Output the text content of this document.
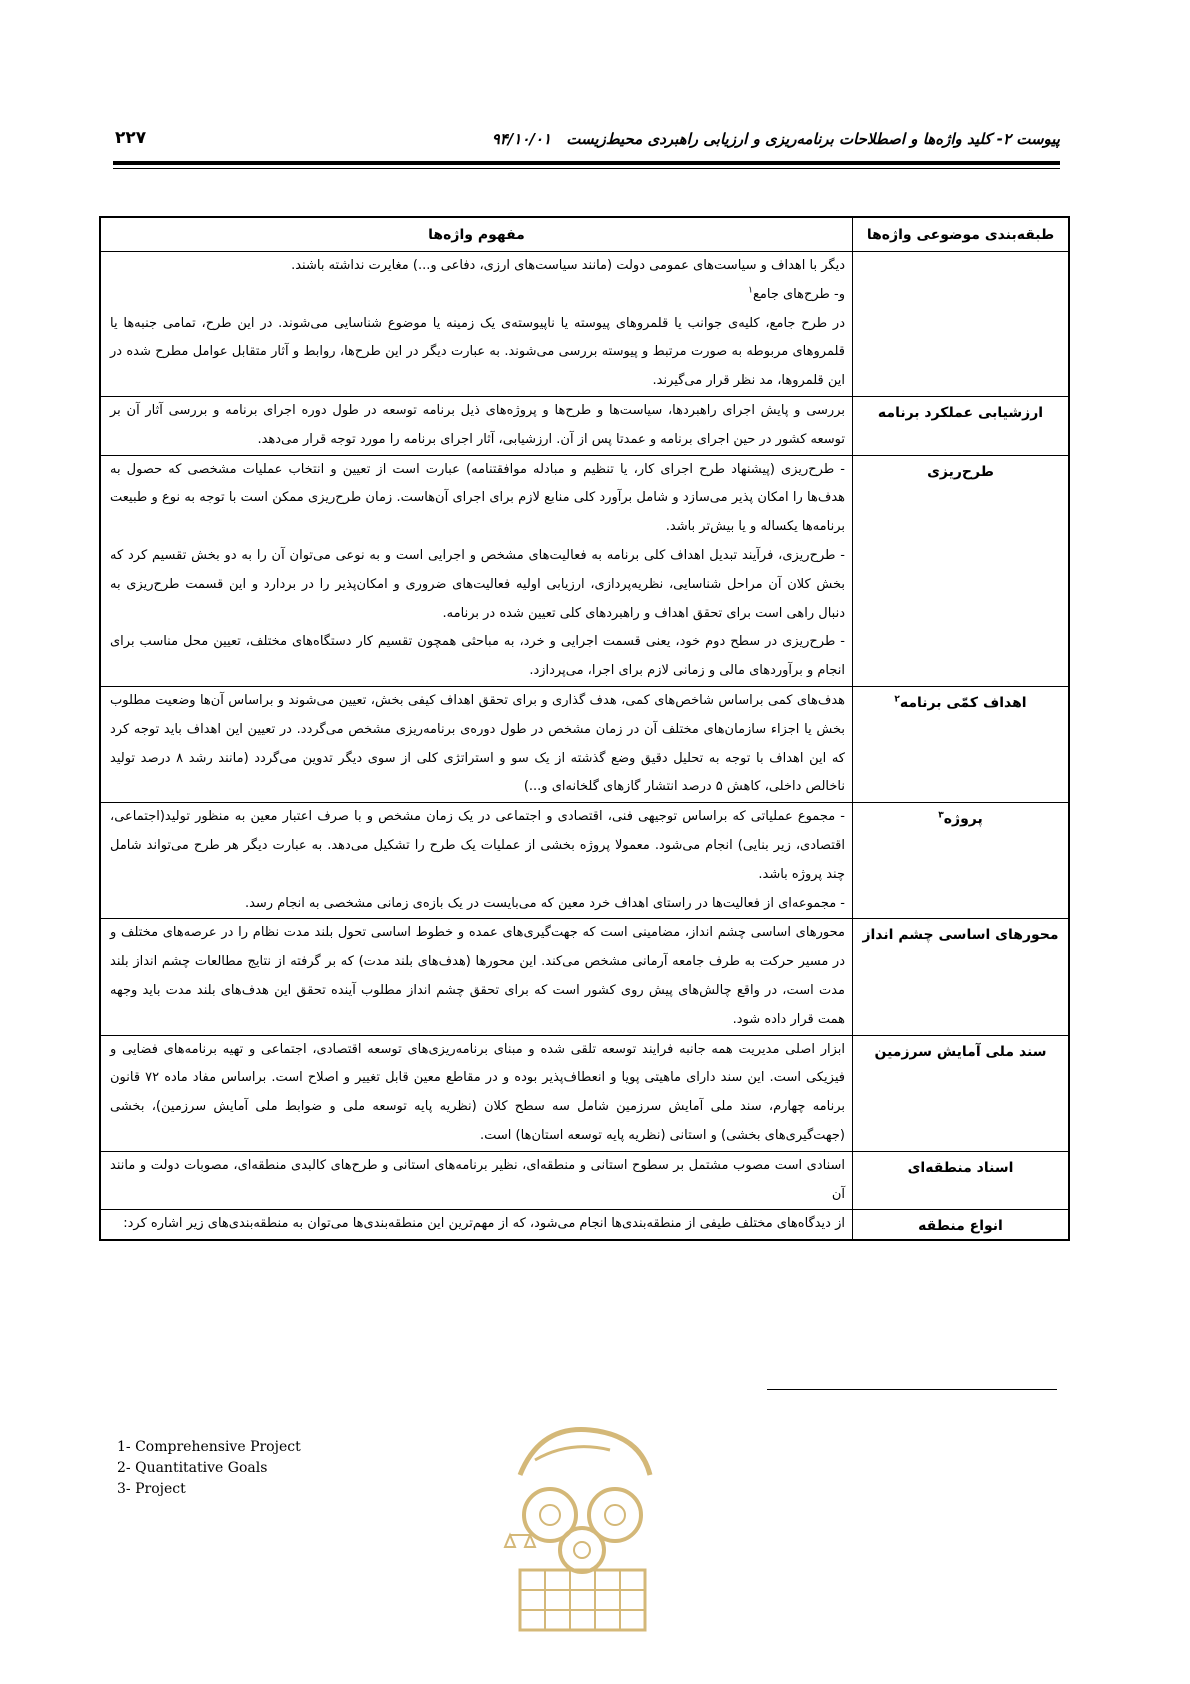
پیوست ۲- کلید واژه‌ها و اصطلاحات برنامه‌ریزی و ارزیابی راهبردی محیط‌زیست ۹۴/۱۰/۰۱
۲۲۷
طبقه‌بندی موضوعی واژه‌ها	مفهوم واژه‌ها

	دیگر با اهداف و سیاست‌های عمومی دولت (مانند سیاست‌های ارزی، دفاعی و...) مغایرت نداشته باشند.

و- طرح‌های جامع$^۱$

در طرح جامع، کلیه‌ی جوانب یا قلمروهای پیوسته یا ناپیوسته‌ی یک زمینه یا موضوع شناسایی می‌شوند. در این طرح، تمامی جنبه‌ها یا قلمروهای مربوطه به صورت مرتبط و پیوسته بررسی می‌شوند. به عبارت دیگر در این طرح‌ها، روابط و آثار متقابل عوامل مطرح شده در این قلمروها، مد نظر قرار می‌گیرند.

ارزشیابی عملکرد برنامه	بررسی و پایش اجرای راهبردها، سیاست‌ها و طرح‌ها و پروژه‌های ذیل برنامه توسعه در طول دوره اجرای برنامه و بررسی آثار آن بر توسعه کشور در حین اجرای برنامه و عمدتا پس از آن. ارزشیابی، آثار اجرای برنامه را مورد توجه قرار می‌دهد.

طرح‌ریزی	- طرح‌ریزی (پیشنهاد طرح اجرای کار، یا تنظیم و مبادله موافقتنامه) عبارت است از تعیین و انتخاب عملیات مشخصی که حصول به هدف‌ها را امکان پذیر می‌سازد و شامل برآورد کلی منابع لازم برای اجرای آن‌هاست. زمان طرح‌ریزی ممکن است با توجه به نوع و طبیعت برنامه‌ها یکساله و یا بیش‌تر باشد.

- طرح‌ریزی، فرآیند تبدیل اهداف کلی برنامه به فعالیت‌های مشخص و اجرایی است و به نوعی می‌توان آن را به دو بخش تقسیم کرد که بخش کلان آن مراحل شناسایی، نظریه‌پردازی، ارزیابی اولیه فعالیت‌های ضروری و امکان‌پذیر را در بردارد و این قسمت طرح‌ریزی به دنبال راهی است برای تحقق اهداف و راهبردهای کلی تعیین شده در برنامه.

- طرح‌ریزی در سطح دوم خود، یعنی قسمت اجرایی و خرد، به مباحثی همچون تقسیم کار دستگاه‌های مختلف، تعیین محل مناسب برای انجام و برآوردهای مالی و زمانی لازم برای اجرا، می‌پردازد.

اهداف کمّی برنامه$^۲$	هدف‌های کمی براساس شاخص‌های کمی، هدف گذاری و برای تحقق اهداف کیفی بخش، تعیین می‌شوند و براساس آن‌ها وضعیت مطلوب بخش یا اجزاء سازمان‌های مختلف آن در زمان مشخص در طول دوره‌ی برنامه‌ریزی مشخص می‌گردد. در تعیین این اهداف باید توجه کرد که این اهداف با توجه به تحلیل دقیق وضع گذشته از یک سو و استراتژی کلی از سوی دیگر تدوین می‌گردد (مانند رشد ۸ درصد تولید ناخالص داخلی، کاهش ۵ درصد انتشار گازهای گلخانه‌ای و...)

پروژه$^۳$	- مجموع عملیاتی که براساس توجیهی فنی، اقتصادی و اجتماعی در یک زمان مشخص و با صرف اعتبار معین به منظور تولید(اجتماعی، اقتصادی، زیر بنایی) انجام می‌شود. معمولا پروژه بخشی از عملیات یک طرح را تشکیل می‌دهد. به عبارت دیگر هر طرح می‌تواند شامل چند پروژه باشد.

- مجموعه‌ای از فعالیت‌ها در راستای اهداف خرد معین که می‌بایست در یک بازه‌ی زمانی مشخصی به انجام رسد.

محورهای اساسی چشم انداز	محورهای اساسی چشم انداز، مضامینی است که جهت‌گیری‌های عمده و خطوط اساسی تحول بلند مدت نظام را در عرصه‌های مختلف و در مسیر حرکت به طرف جامعه آرمانی مشخص می‌کند. این محورها (هدف‌های بلند مدت) که بر گرفته از نتایج مطالعات چشم انداز بلند مدت است، در واقع چالش‌های پیش روی کشور است که برای تحقق چشم انداز مطلوب آینده تحقق این هدف‌های بلند مدت باید وجهه همت قرار داده شود.

سند ملی آمایش سرزمین	ابزار اصلی مدیریت همه جانبه فرایند توسعه تلقی شده و مبنای برنامه‌ریزی‌های توسعه اقتصادی، اجتماعی و تهیه برنامه‌های فضایی و فیزیکی است. این سند دارای ماهیتی پویا و انعطاف‌پذیر بوده و در مقاطع معین قابل تغییر و اصلاح است. براساس مفاد ماده ۷۲ قانون برنامه چهارم، سند ملی آمایش سرزمین شامل سه سطح کلان (نظریه پایه توسعه ملی و ضوابط ملی آمایش سرزمین)، بخشی (جهت‌گیری‌های بخشی) و استانی (نظریه پایه توسعه استان‌ها) است.

اسناد منطقه‌ای	اسنادی است مصوب مشتمل بر سطوح استانی و منطقه‌ای، نظیر برنامه‌های استانی و طرح‌های کالبدی منطقه‌ای، مصوبات دولت و مانند آن

انواع منطقه	از دیدگاه‌های مختلف طیفی از منطقه‌بندی‌ها انجام می‌شود، که از مهم‌ترین این منطقه‌بندی‌ها می‌توان به منطقه‌بندی‌های زیر اشاره کرد:

1- Comprehensive Project
2- Quantitative Goals
3- Project
